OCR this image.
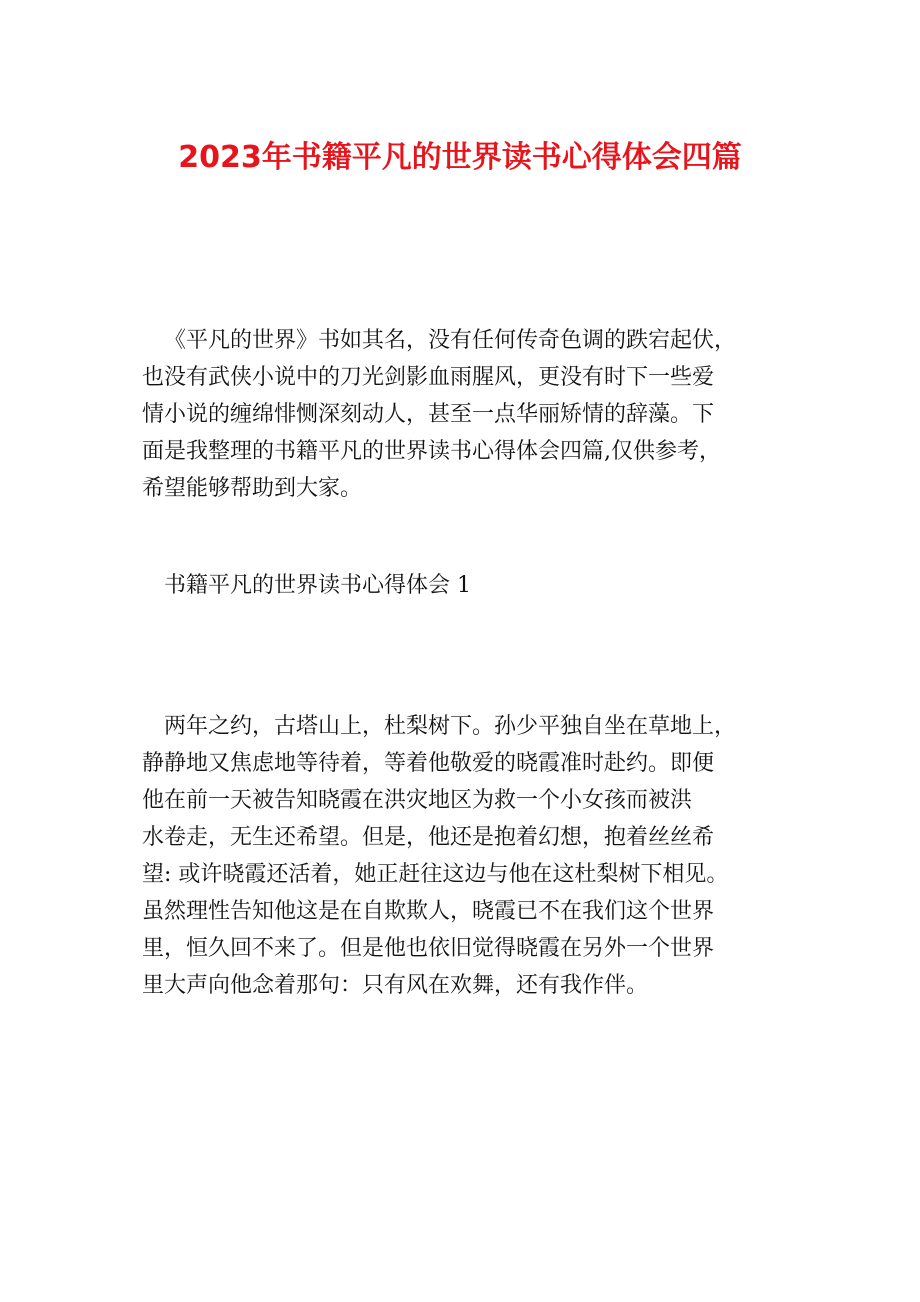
2023年书籍平凡的世界读书心得体会四篇
《平凡的世界》书如其名，没有任何传奇色调的跌宕起伏，
也没有武侠小说中的刀光剑影血雨腥风，更没有时下一些爱
情小说的缠绵悱恻深刻动人，甚至一点华丽矫情的辞藻。下
面是我整理的书籍平凡的世界读书心得体会四篇,仅供参考，
希望能够帮助到大家。
书籍平凡的世界读书心得体会 1
两年之约，古塔山上，杜梨树下。孙少平独自坐在草地上，
静静地又焦虑地等待着，等着他敬爱的晓霞准时赴约。即便
他在前一天被告知晓霞在洪灾地区为救一个小女孩而被洪
水卷走，无生还希望。但是，他还是抱着幻想，抱着丝丝希
望: 或许晓霞还活着，她正赶往这边与他在这杜梨树下相见。
虽然理性告知他这是在自欺欺人，晓霞已不在我们这个世界
里，恒久回不来了。但是他也依旧觉得晓霞在另外一个世界
里大声向他念着那句：只有风在欢舞，还有我作伴。
